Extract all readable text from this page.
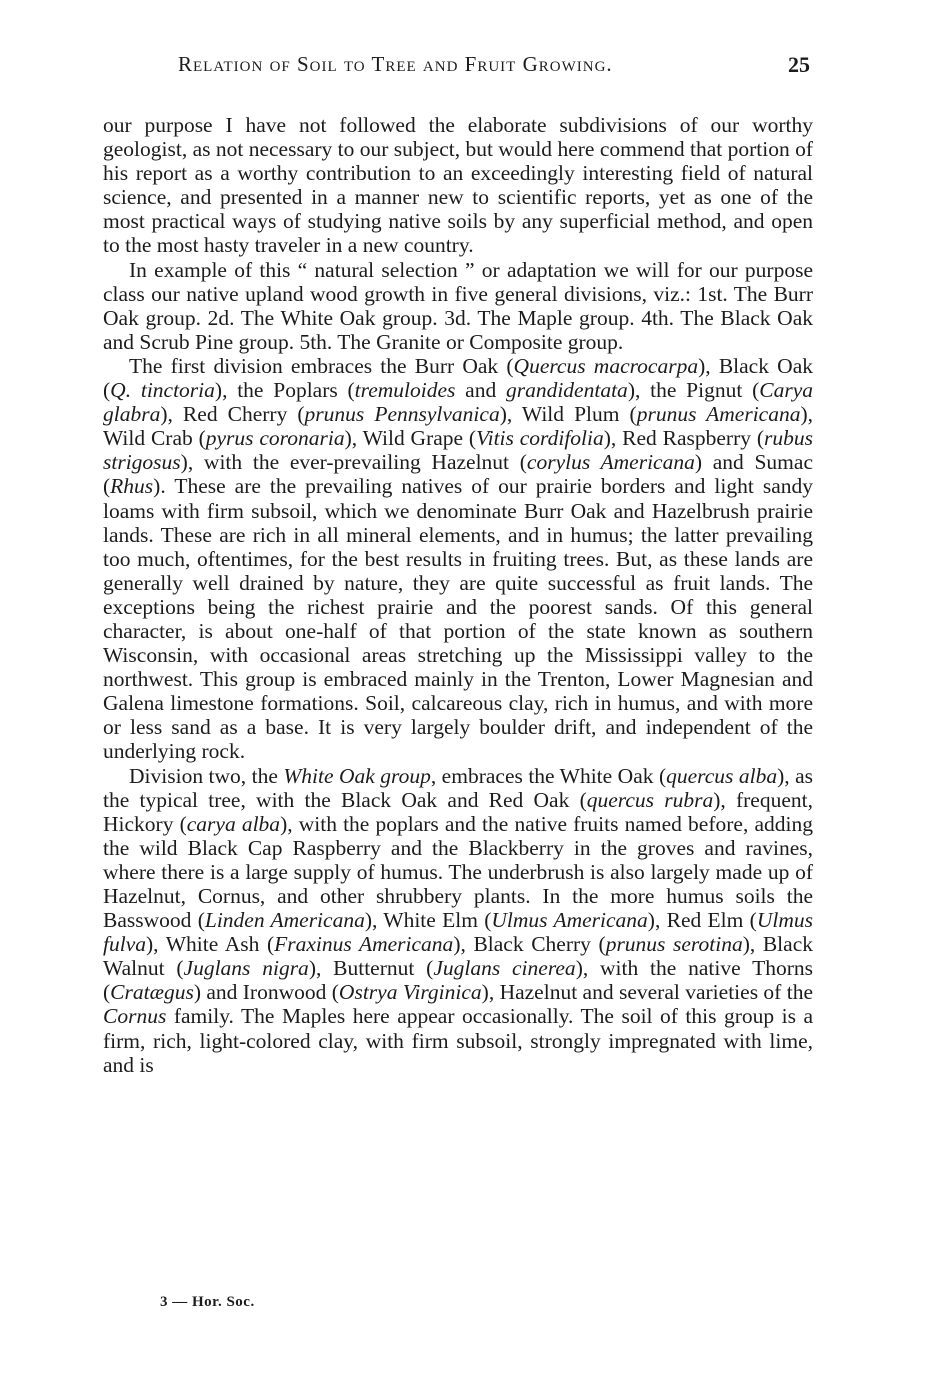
Relation of Soil to Tree and Fruit Growing.	25

our purpose I have not followed the elaborate subdivisions of our worthy geologist, as not necessary to our subject, but would here commend that portion of his report as a worthy contribution to an exceedingly interesting field of natural science, and presented in a manner new to scientific reports, yet as one of the most practical ways of studying native soils by any superficial method, and open to the most hasty traveler in a new country.

In example of this “ natural selection ” or adaptation we will for our purpose class our native upland wood growth in five general divisions, viz.: 1st. The Burr Oak group. 2d. The White Oak group. 3d. The Maple group. 4th. The Black Oak and Scrub Pine group. 5th. The Granite or Composite group.

The first division embraces the Burr Oak (Quercus macrocarpa), Black Oak (Q. tinctoria), the Poplars (tremuloides and grandidentata), the Pignut (Carya glabra), Red Cherry (prunus Pennsylvanica), Wild Plum (prunus Americana), Wild Crab (pyrus coronaria), Wild Grape (Vitis cordifolia), Red Raspberry (rubus strigosus), with the ever-prevailing Hazelnut (corylus Americana) and Sumac (Rhus). These are the prevailing natives of our prairie borders and light sandy loams with firm subsoil, which we denominate Burr Oak and Hazelbrush prairie lands. These are rich in all mineral elements, and in humus; the latter prevailing too much, oftentimes, for the best results in fruiting trees. But, as these lands are generally well drained by nature, they are quite successful as fruit lands. The exceptions being the richest prairie and the poorest sands. Of this general character, is about one-half of that portion of the state known as southern Wisconsin, with occasional areas stretching up the Mississippi valley to the northwest. This group is embraced mainly in the Trenton, Lower Magnesian and Galena limestone formations. Soil, calcareous clay, rich in humus, and with more or less sand as a base. It is very largely boulder drift, and independent of the underlying rock.

Division two, the White Oak group, embraces the White Oak (quercus alba), as the typical tree, with the Black Oak and Red Oak (quercus rubra), frequent, Hickory (carya alba), with the poplars and the native fruits named before, adding the wild Black Cap Raspberry and the Blackberry in the groves and ravines, where there is a large supply of humus. The underbrush is also largely made up of Hazelnut, Cornus, and other shrubbery plants. In the more humus soils the Basswood (Linden Americana), White Elm (Ulmus Americana), Red Elm (Ulmus fulva), White Ash (Fraxinus Americana), Black Cherry (prunus serotina), Black Walnut (Juglans nigra), Butternut (Juglans cinerea), with the native Thorns (Cratægus) and Ironwood (Ostrya Virginica), Hazelnut and several varieties of the Cornus family. The Maples here appear occasionally. The soil of this group is a firm, rich, light-colored clay, with firm subsoil, strongly impregnated with lime, and is

3 — Hor. Soc.
